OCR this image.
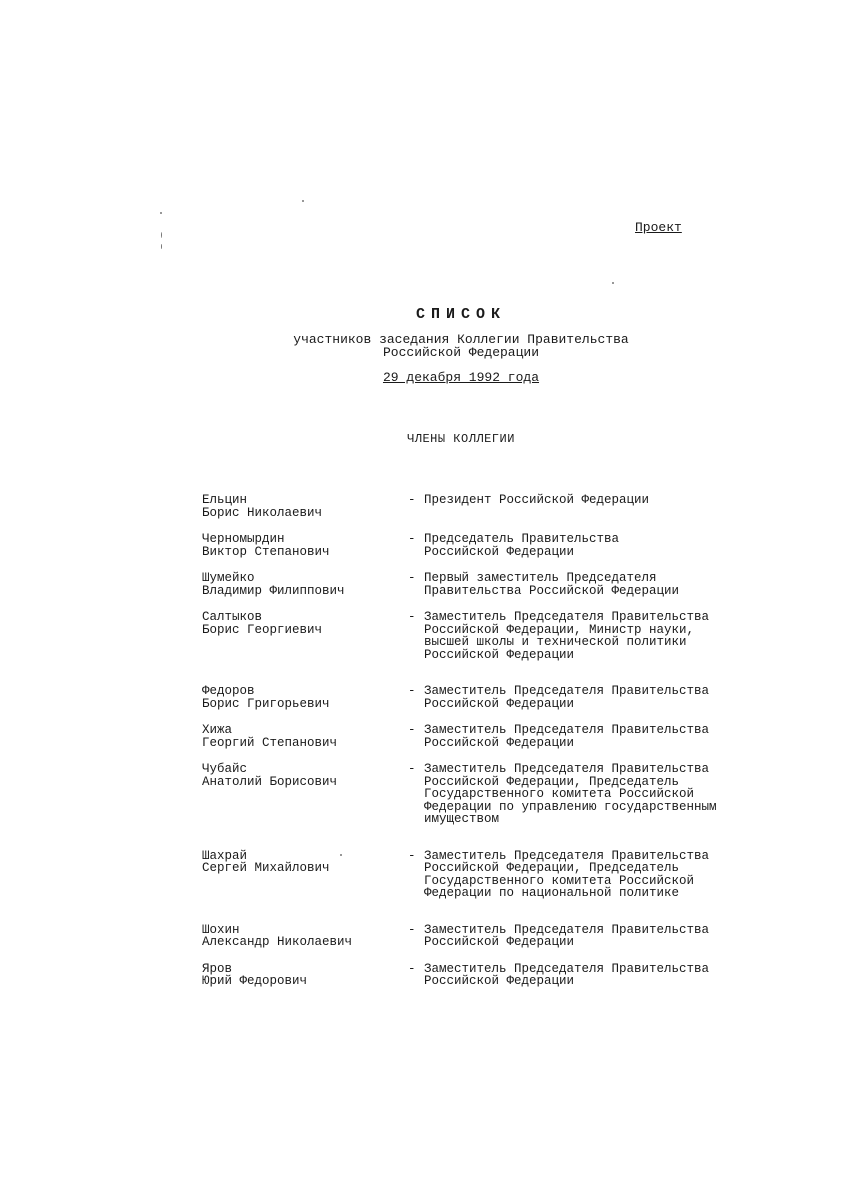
Проект
СПИСОК
участников заседания Коллегии Правительства
Российской Федерации
29 декабря 1992 года
ЧЛЕНЫ КОЛЛЕГИИ
Ельцин
Борис Николаевич
- Президент Российской Федерации
Черномырдин
Виктор Степанович
- Председатель Правительства
Российской Федерации
Шумейко
Владимир Филиппович
- Первый заместитель Председателя
Правительства Российской Федерации
Салтыков
Борис Георгиевич
- Заместитель Председателя Правительства
Российской Федерации, Министр науки,
высшей школы и технической политики
Российской Федерации
Федоров
Борис Григорьевич
- Заместитель Председателя Правительства
Российской Федерации
Хижа
Георгий Степанович
- Заместитель Председателя Правительства
Российской Федерации
Чубайс
Анатолий Борисович
- Заместитель Председателя Правительства
Российской Федерации, Председатель
Государственного комитета Российской
Федерации по управлению государственным
имуществом
Шахрай
Сергей Михайлович
- Заместитель Председателя Правительства
Российской Федерации, Председатель
Государственного комитета Российской
Федерации по национальной политике
Шохин
Александр Николаевич
- Заместитель Председателя Правительства
Российской Федерации
Яров
Юрий Федорович
- Заместитель Председателя Правительства
Российской Федерации
